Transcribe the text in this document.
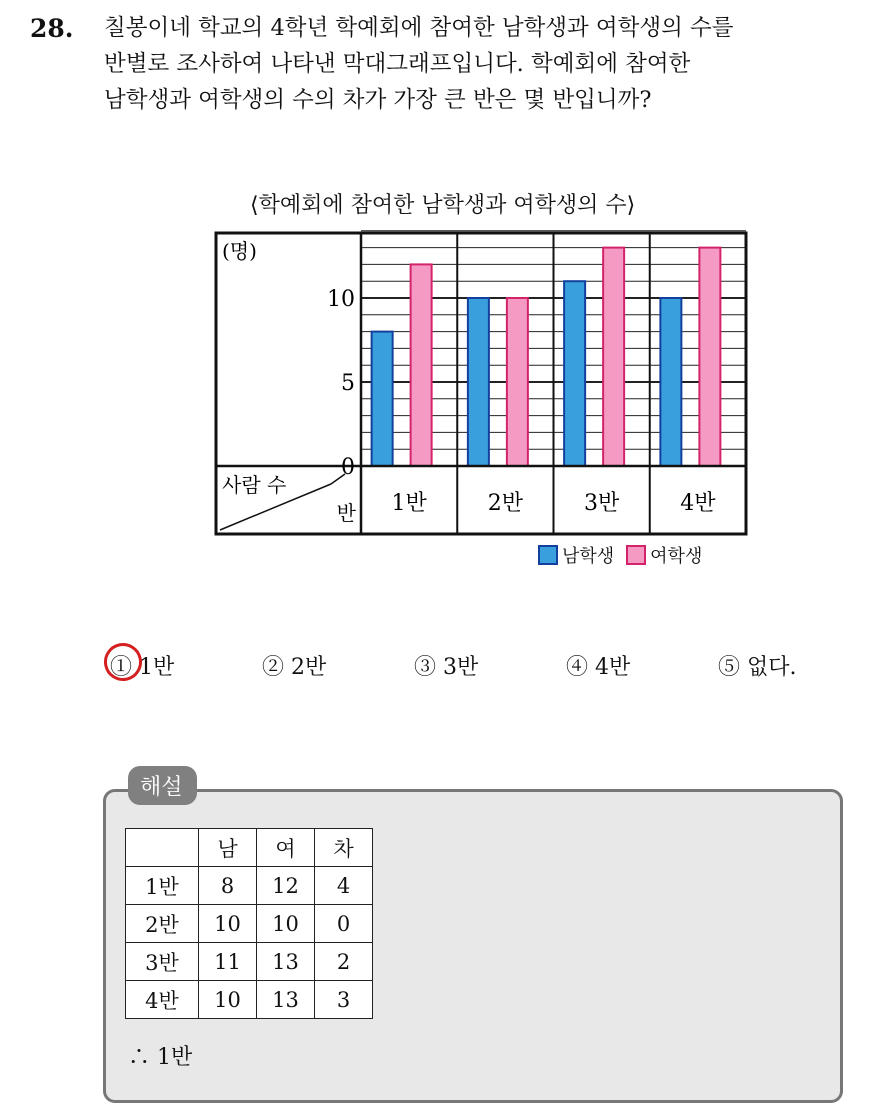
28. 칠봉이네 학교의 4학년 학예회에 참여한 남학생과 여학생의 수를
반별로 조사하여 나타낸 막대그래프입니다. 학예회에 참여한
남학생과 여학생의 수의 차가 가장 큰 반은 몇 반입니까?
⟨학예회에 참여한 남학생과 여학생의 수⟩
0
5
10
(명)
사람 수
반 1반	2반	3반	4반
남학생 여학생
① 1반	② 2반	③ 3반	④ 4반	⑤ 없다.
해설
	남	여	차
1반	8	12	4
2반	10	10	0
3반	11	13	2
4반	10	13	3
∴ 1반
